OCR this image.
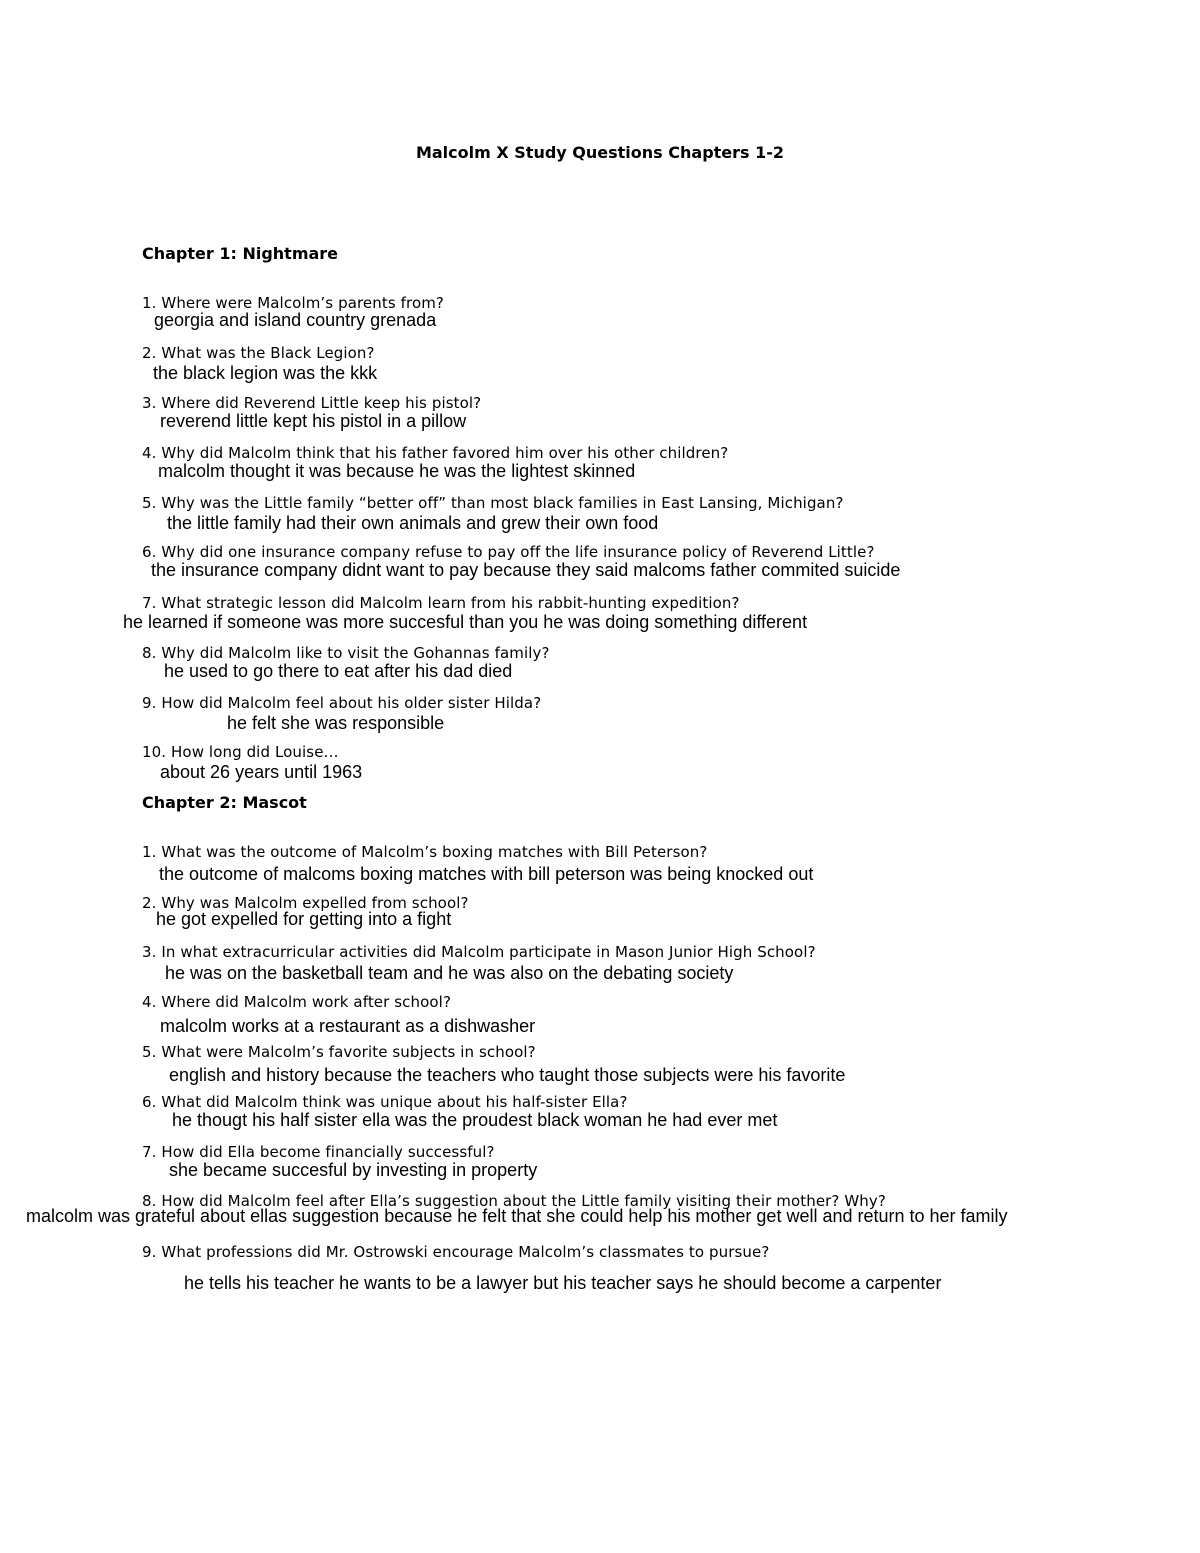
Malcolm X Study Questions Chapters 1-2
Chapter 1: Nightmare
1. Where were Malcolm’s parents from?
georgia and island country grenada
2. What was the Black Legion?
the black legion was the kkk
3. Where did Reverend Little keep his pistol?
reverend little kept his pistol in a pillow
4. Why did Malcolm think that his father favored him over his other children?
malcolm thought it was because he was the lightest skinned
5. Why was the Little family “better off” than most black families in East Lansing, Michigan?
the little family had their own animals and grew their own food
6. Why did one insurance company refuse to pay off the life insurance policy of Reverend Little?
the insurance company didnt want to pay because they said malcoms father commited suicide
7. What strategic lesson did Malcolm learn from his rabbit-hunting expedition?
he learned if someone was more succesful than you he was doing something different
8. Why did Malcolm like to visit the Gohannas family?
he used to go there to eat after his dad died
9. How did Malcolm feel about his older sister Hilda?
he felt she was responsible
10. How long did Louise…
about 26 years until 1963
Chapter 2: Mascot
1. What was the outcome of Malcolm’s boxing matches with Bill Peterson?
the outcome of malcoms boxing matches with bill peterson was being knocked out
2. Why was Malcolm expelled from school?
he got expelled for getting into a fight
3. In what extracurricular activities did Malcolm participate in Mason Junior High School?
he was on the basketball team and he was also on the debating society
4. Where did Malcolm work after school?
malcolm works at a restaurant as a dishwasher
5. What were Malcolm’s favorite subjects in school?
english and history because the teachers who taught those subjects were his favorite
6. What did Malcolm think was unique about his half-sister Ella?
he thougt his half sister ella was the proudest black woman he had ever met
7. How did Ella become financially successful?
she became succesful by investing in property
8. How did Malcolm feel after Ella’s suggestion about the Little family visiting their mother? Why?
malcolm was grateful about ellas suggestion because he felt that she could help his mother get well and return to her family
9. What professions did Mr. Ostrowski encourage Malcolm’s classmates to pursue?
he tells his teacher he wants to be a lawyer but his teacher says he should become a carpenter
